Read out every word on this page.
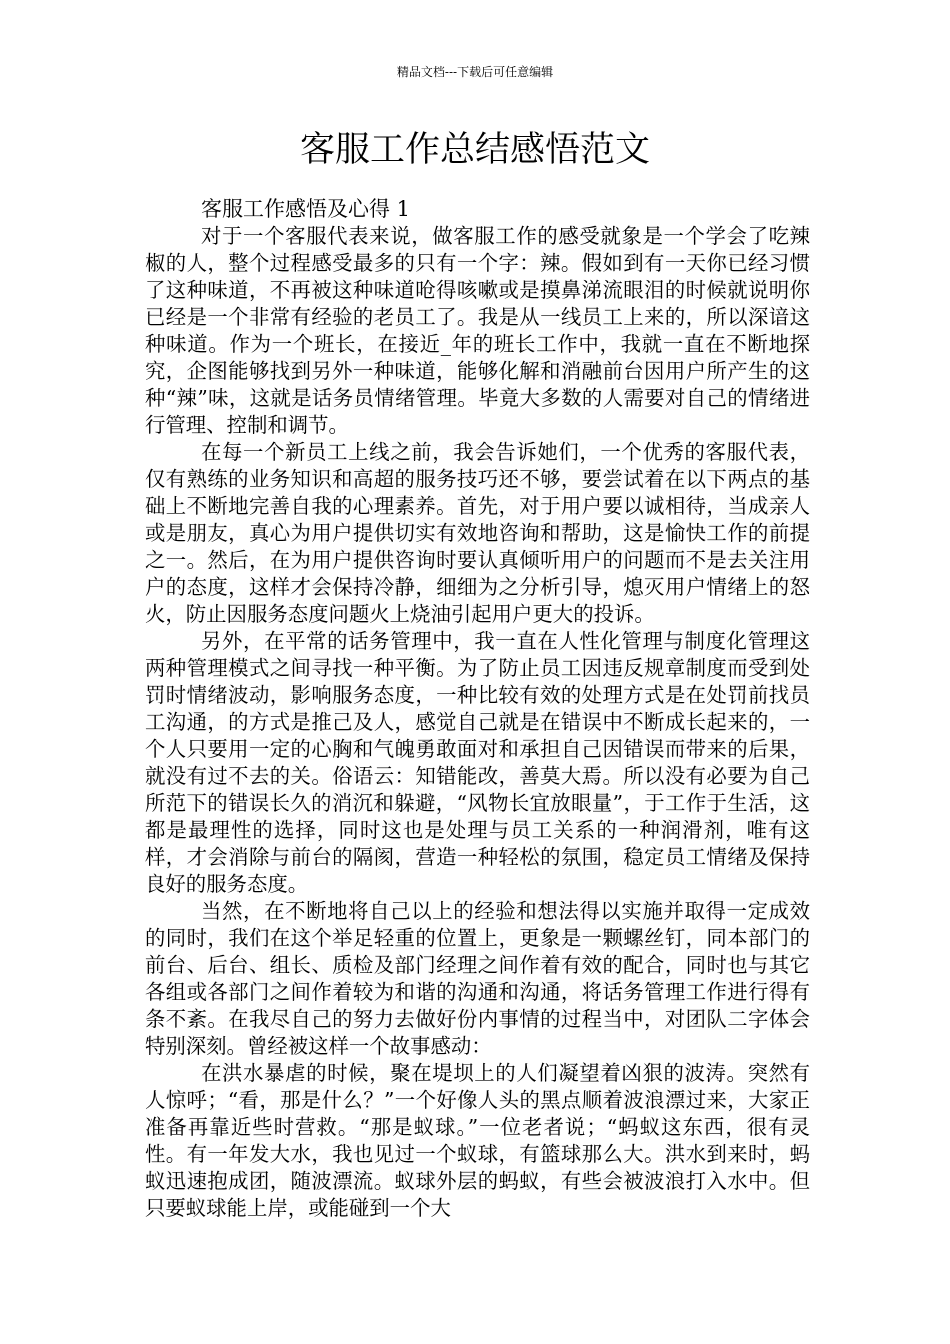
精品文档---下载后可任意编辑
客服工作总结感悟范文

客服工作感悟及心得 1

对于一个客服代表来说，做客服工作的感受就象是一个学会了吃辣椒的人，整个过程感受最多的只有一个字：辣。假如到有一天你已经习惯了这种味道，不再被这种味道呛得咳嗽或是摸鼻涕流眼泪的时候就说明你已经是一个非常有经验的老员工了。我是从一线员工上来的，所以深谙这种味道。作为一个班长，在接近_年的班长工作中，我就一直在不断地探究，企图能够找到另外一种味道，能够化解和消融前台因用户所产生的这种“辣”味，这就是话务员情绪管理。毕竟大多数的人需要对自己的情绪进行管理、控制和调节。

在每一个新员工上线之前，我会告诉她们，一个优秀的客服代表，仅有熟练的业务知识和高超的服务技巧还不够，要尝试着在以下两点的基础上不断地完善自我的心理素养。首先，对于用户要以诚相待，当成亲人或是朋友，真心为用户提供切实有效地咨询和帮助，这是愉快工作的前提之一。然后，在为用户提供咨询时要认真倾听用户的问题而不是去关注用户的态度，这样才会保持冷静，细细为之分析引导，熄灭用户情绪上的怒火，防止因服务态度问题火上烧油引起用户更大的投诉。

另外，在平常的话务管理中，我一直在人性化管理与制度化管理这两种管理模式之间寻找一种平衡。为了防止员工因违反规章制度而受到处罚时情绪波动，影响服务态度，一种比较有效的处理方式是在处罚前找员工沟通，的方式是推己及人，感觉自己就是在错误中不断成长起来的，一个人只要用一定的心胸和气魄勇敢面对和承担自己因错误而带来的后果，就没有过不去的关。俗语云：知错能改，善莫大焉。所以没有必要为自己所范下的错误长久的消沉和躲避，“风物长宜放眼量”，于工作于生活，这都是最理性的选择，同时这也是处理与员工关系的一种润滑剂，唯有这样，才会消除与前台的隔阂，营造一种轻松的氛围，稳定员工情绪及保持良好的服务态度。

当然，在不断地将自己以上的经验和想法得以实施并取得一定成效的同时，我们在这个举足轻重的位置上，更象是一颗螺丝钉，同本部门的前台、后台、组长、质检及部门经理之间作着有效的配合，同时也与其它各组或各部门之间作着较为和谐的沟通和沟通，将话务管理工作进行得有条不紊。在我尽自己的努力去做好份内事情的过程当中，对团队二字体会特别深刻。曾经被这样一个故事感动：

在洪水暴虐的时候，聚在堤坝上的人们凝望着凶狠的波涛。突然有人惊呼；“看，那是什么？”一个好像人头的黑点顺着波浪漂过来，大家正准备再靠近些时营救。“那是蚁球。”一位老者说；“蚂蚁这东西，很有灵性。有一年发大水，我也见过一个蚁球，有篮球那么大。洪水到来时，蚂蚁迅速抱成团，随波漂流。蚁球外层的蚂蚁，有些会被波浪打入水中。但只要蚁球能上岸，或能碰到一个大
